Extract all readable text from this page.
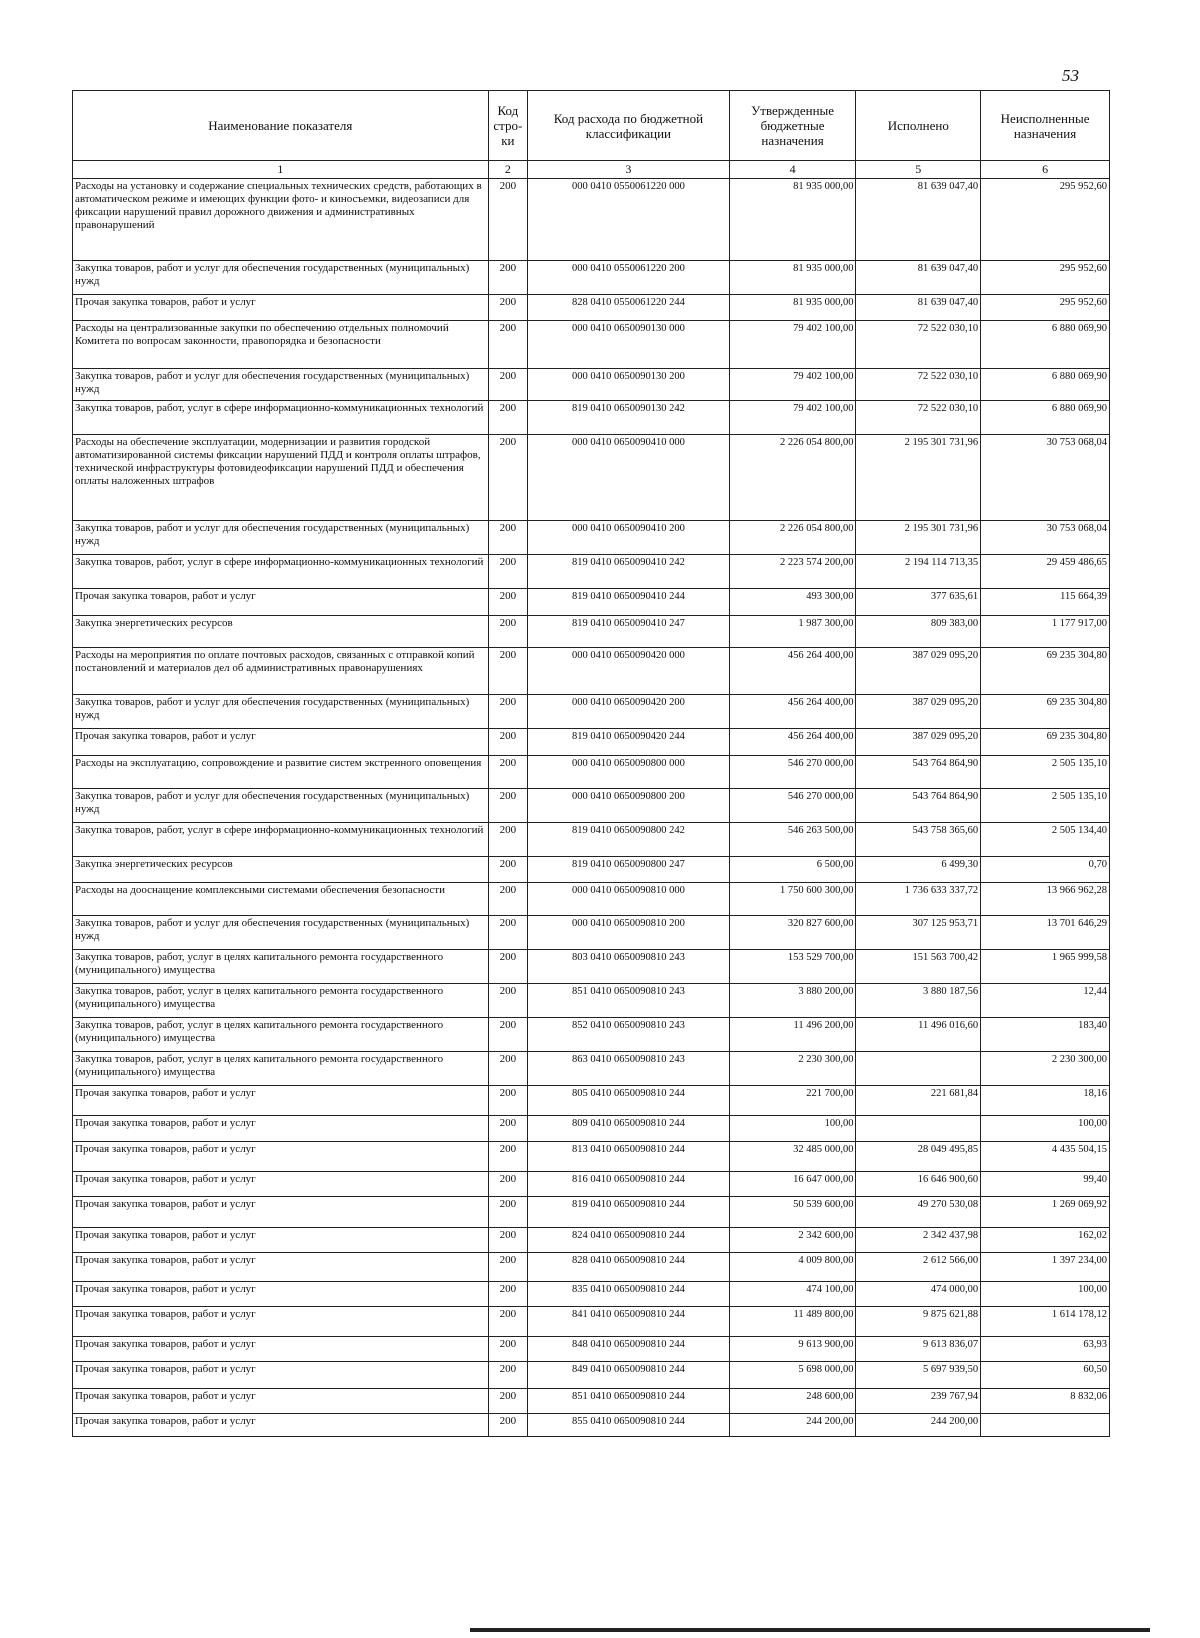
53
Наименование показателя	Код стро-ки	Код расхода по бюджетной классификации	Утвержденные бюджетные назначения	Исполнено	Неисполненные назначения
1	2	3	4	5	6
Расходы на установку и содержание специальных технических средств, работающих в автоматическом режиме и имеющих функции фото- и киносъемки, видеозаписи для фиксации нарушений правил дорожного движения и административных правонарушений	200	000 0410 0550061220 000	81 935 000,00	81 639 047,40	295 952,60
Закупка товаров, работ и услуг для обеспечения государственных (муниципальных) нужд	200	000 0410 0550061220 200	81 935 000,00	81 639 047,40	295 952,60
Прочая закупка товаров, работ и услуг	200	828 0410 0550061220 244	81 935 000,00	81 639 047,40	295 952,60
Расходы на централизованные закупки по обеспечению отдельных полномочий Комитета по вопросам законности, правопорядка и безопасности	200	000 0410 0650090130 000	79 402 100,00	72 522 030,10	6 880 069,90
Закупка товаров, работ и услуг для обеспечения государственных (муниципальных) нужд	200	000 0410 0650090130 200	79 402 100,00	72 522 030,10	6 880 069,90
Закупка товаров, работ, услуг в сфере информационно-коммуникационных технологий	200	819 0410 0650090130 242	79 402 100,00	72 522 030,10	6 880 069,90
Расходы на обеспечение эксплуатации, модернизации и развития городской автоматизированной системы фиксации нарушений ПДД и контроля оплаты штрафов, технической инфраструктуры фотовидеофиксации нарушений ПДД и обеспечения оплаты наложенных штрафов	200	000 0410 0650090410 000	2 226 054 800,00	2 195 301 731,96	30 753 068,04
Закупка товаров, работ и услуг для обеспечения государственных (муниципальных) нужд	200	000 0410 0650090410 200	2 226 054 800,00	2 195 301 731,96	30 753 068,04
Закупка товаров, работ, услуг в сфере информационно-коммуникационных технологий	200	819 0410 0650090410 242	2 223 574 200,00	2 194 114 713,35	29 459 486,65
Прочая закупка товаров, работ и услуг	200	819 0410 0650090410 244	493 300,00	377 635,61	115 664,39
Закупка энергетических ресурсов	200	819 0410 0650090410 247	1 987 300,00	809 383,00	1 177 917,00
Расходы на мероприятия по оплате почтовых расходов, связанных с отправкой копий постановлений и материалов дел об административных правонарушениях	200	000 0410 0650090420 000	456 264 400,00	387 029 095,20	69 235 304,80
Закупка товаров, работ и услуг для обеспечения государственных (муниципальных) нужд	200	000 0410 0650090420 200	456 264 400,00	387 029 095,20	69 235 304,80
Прочая закупка товаров, работ и услуг	200	819 0410 0650090420 244	456 264 400,00	387 029 095,20	69 235 304,80
Расходы на эксплуатацию, сопровождение и развитие систем экстренного оповещения	200	000 0410 0650090800 000	546 270 000,00	543 764 864,90	2 505 135,10
Закупка товаров, работ и услуг для обеспечения государственных (муниципальных) нужд	200	000 0410 0650090800 200	546 270 000,00	543 764 864,90	2 505 135,10
Закупка товаров, работ, услуг в сфере информационно-коммуникационных технологий	200	819 0410 0650090800 242	546 263 500,00	543 758 365,60	2 505 134,40
Закупка энергетических ресурсов	200	819 0410 0650090800 247	6 500,00	6 499,30	0,70
Расходы на дооснащение комплексными системами обеспечения безопасности	200	000 0410 0650090810 000	1 750 600 300,00	1 736 633 337,72	13 966 962,28
Закупка товаров, работ и услуг для обеспечения государственных (муниципальных) нужд	200	000 0410 0650090810 200	320 827 600,00	307 125 953,71	13 701 646,29
Закупка товаров, работ, услуг в целях капитального ремонта государственного (муниципального) имущества	200	803 0410 0650090810 243	153 529 700,00	151 563 700,42	1 965 999,58
Закупка товаров, работ, услуг в целях капитального ремонта государственного (муниципального) имущества	200	851 0410 0650090810 243	3 880 200,00	3 880 187,56	12,44
Закупка товаров, работ, услуг в целях капитального ремонта государственного (муниципального) имущества	200	852 0410 0650090810 243	11 496 200,00	11 496 016,60	183,40
Закупка товаров, работ, услуг в целях капитального ремонта государственного (муниципального) имущества	200	863 0410 0650090810 243	2 230 300,00		2 230 300,00
Прочая закупка товаров, работ и услуг	200	805 0410 0650090810 244	221 700,00	221 681,84	18,16
Прочая закупка товаров, работ и услуг	200	809 0410 0650090810 244	100,00		100,00
Прочая закупка товаров, работ и услуг	200	813 0410 0650090810 244	32 485 000,00	28 049 495,85	4 435 504,15
Прочая закупка товаров, работ и услуг	200	816 0410 0650090810 244	16 647 000,00	16 646 900,60	99,40
Прочая закупка товаров, работ и услуг	200	819 0410 0650090810 244	50 539 600,00	49 270 530,08	1 269 069,92
Прочая закупка товаров, работ и услуг	200	824 0410 0650090810 244	2 342 600,00	2 342 437,98	162,02
Прочая закупка товаров, работ и услуг	200	828 0410 0650090810 244	4 009 800,00	2 612 566,00	1 397 234,00
Прочая закупка товаров, работ и услуг	200	835 0410 0650090810 244	474 100,00	474 000,00	100,00
Прочая закупка товаров, работ и услуг	200	841 0410 0650090810 244	11 489 800,00	9 875 621,88	1 614 178,12
Прочая закупка товаров, работ и услуг	200	848 0410 0650090810 244	9 613 900,00	9 613 836,07	63,93
Прочая закупка товаров, работ и услуг	200	849 0410 0650090810 244	5 698 000,00	5 697 939,50	60,50
Прочая закупка товаров, работ и услуг	200	851 0410 0650090810 244	248 600,00	239 767,94	8 832,06
Прочая закупка товаров, работ и услуг	200	855 0410 0650090810 244	244 200,00	244 200,00	
